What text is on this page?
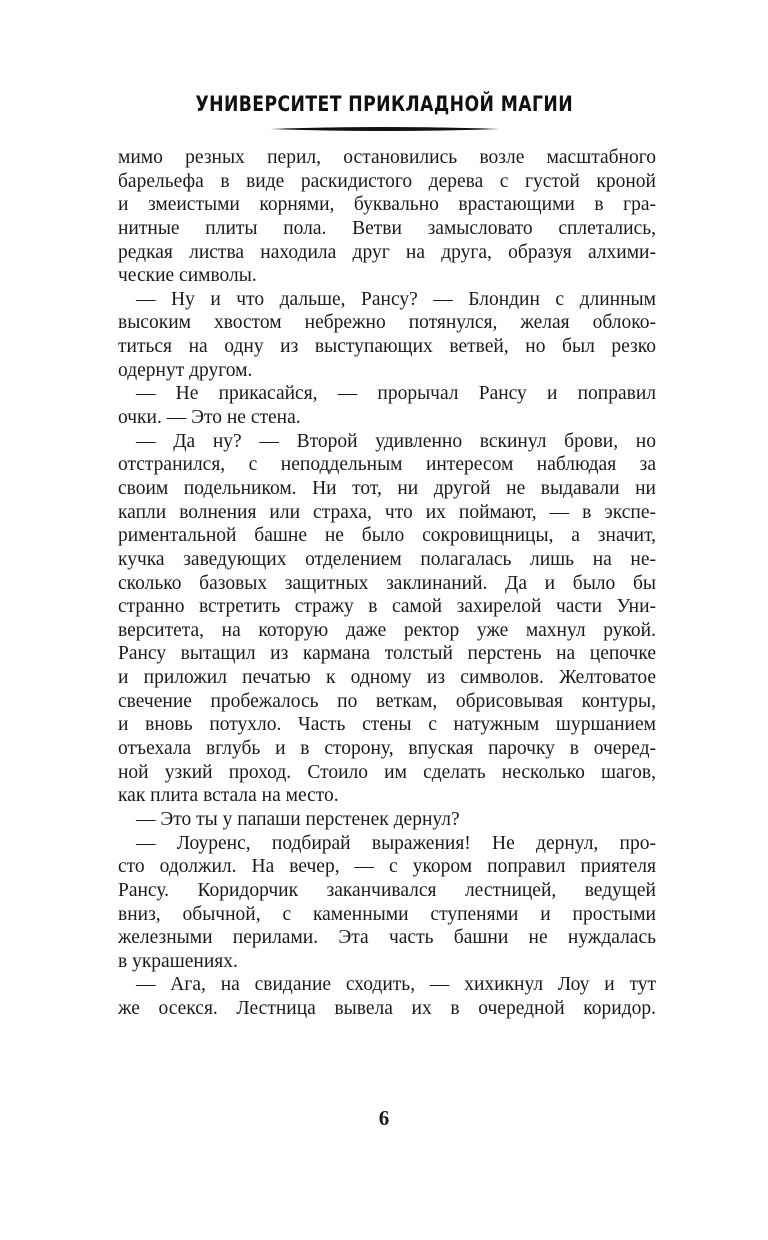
УНИВЕРСИТЕТ ПРИКЛАДНОЙ МАГИИ
мимо резных перил, остановились возле масштабного
барельефа в виде раскидистого дерева с густой кроной
и змеистыми корнями, буквально врастающими в гра-
нитные плиты пола. Ветви замысловато сплетались,
редкая листва находила друг на друга, образуя алхими-
ческие символы.
— Ну и что дальше, Рансу? — Блондин с длинным
высоким хвостом небрежно потянулся, желая облоко-
титься на одну из выступающих ветвей, но был резко
одернут другом.
— Не прикасайся, — прорычал Рансу и поправил
очки. — Это не стена.
— Да ну? — Второй удивленно вскинул брови, но
отстранился, с неподдельным интересом наблюдая за
своим подельником. Ни тот, ни другой не выдавали ни
капли волнения или страха, что их поймают, — в экспе-
риментальной башне не было сокровищницы, а значит,
кучка заведующих отделением полагалась лишь на не-
сколько базовых защитных заклинаний. Да и было бы
странно встретить стражу в самой захирелой части Уни-
верситета, на которую даже ректор уже махнул рукой.
Рансу вытащил из кармана толстый перстень на цепочке
и приложил печатью к одному из символов. Желтоватое
свечение пробежалось по веткам, обрисовывая контуры,
и вновь потухло. Часть стены с натужным шуршанием
отъехала вглубь и в сторону, впуская парочку в очеред-
ной узкий проход. Стоило им сделать несколько шагов,
как плита встала на место.
— Это ты у папаши перстенек дернул?
— Лоуренс, подбирай выражения! Не дернул, про-
сто одолжил. На вечер, — с укором поправил приятеля
Рансу. Коридорчик заканчивался лестницей, ведущей
вниз, обычной, с каменными ступенями и простыми
железными перилами. Эта часть башни не нуждалась
в украшениях.
— Ага, на свидание сходить, — хихикнул Лоу и тут
же осекся. Лестница вывела их в очередной коридор.
6
